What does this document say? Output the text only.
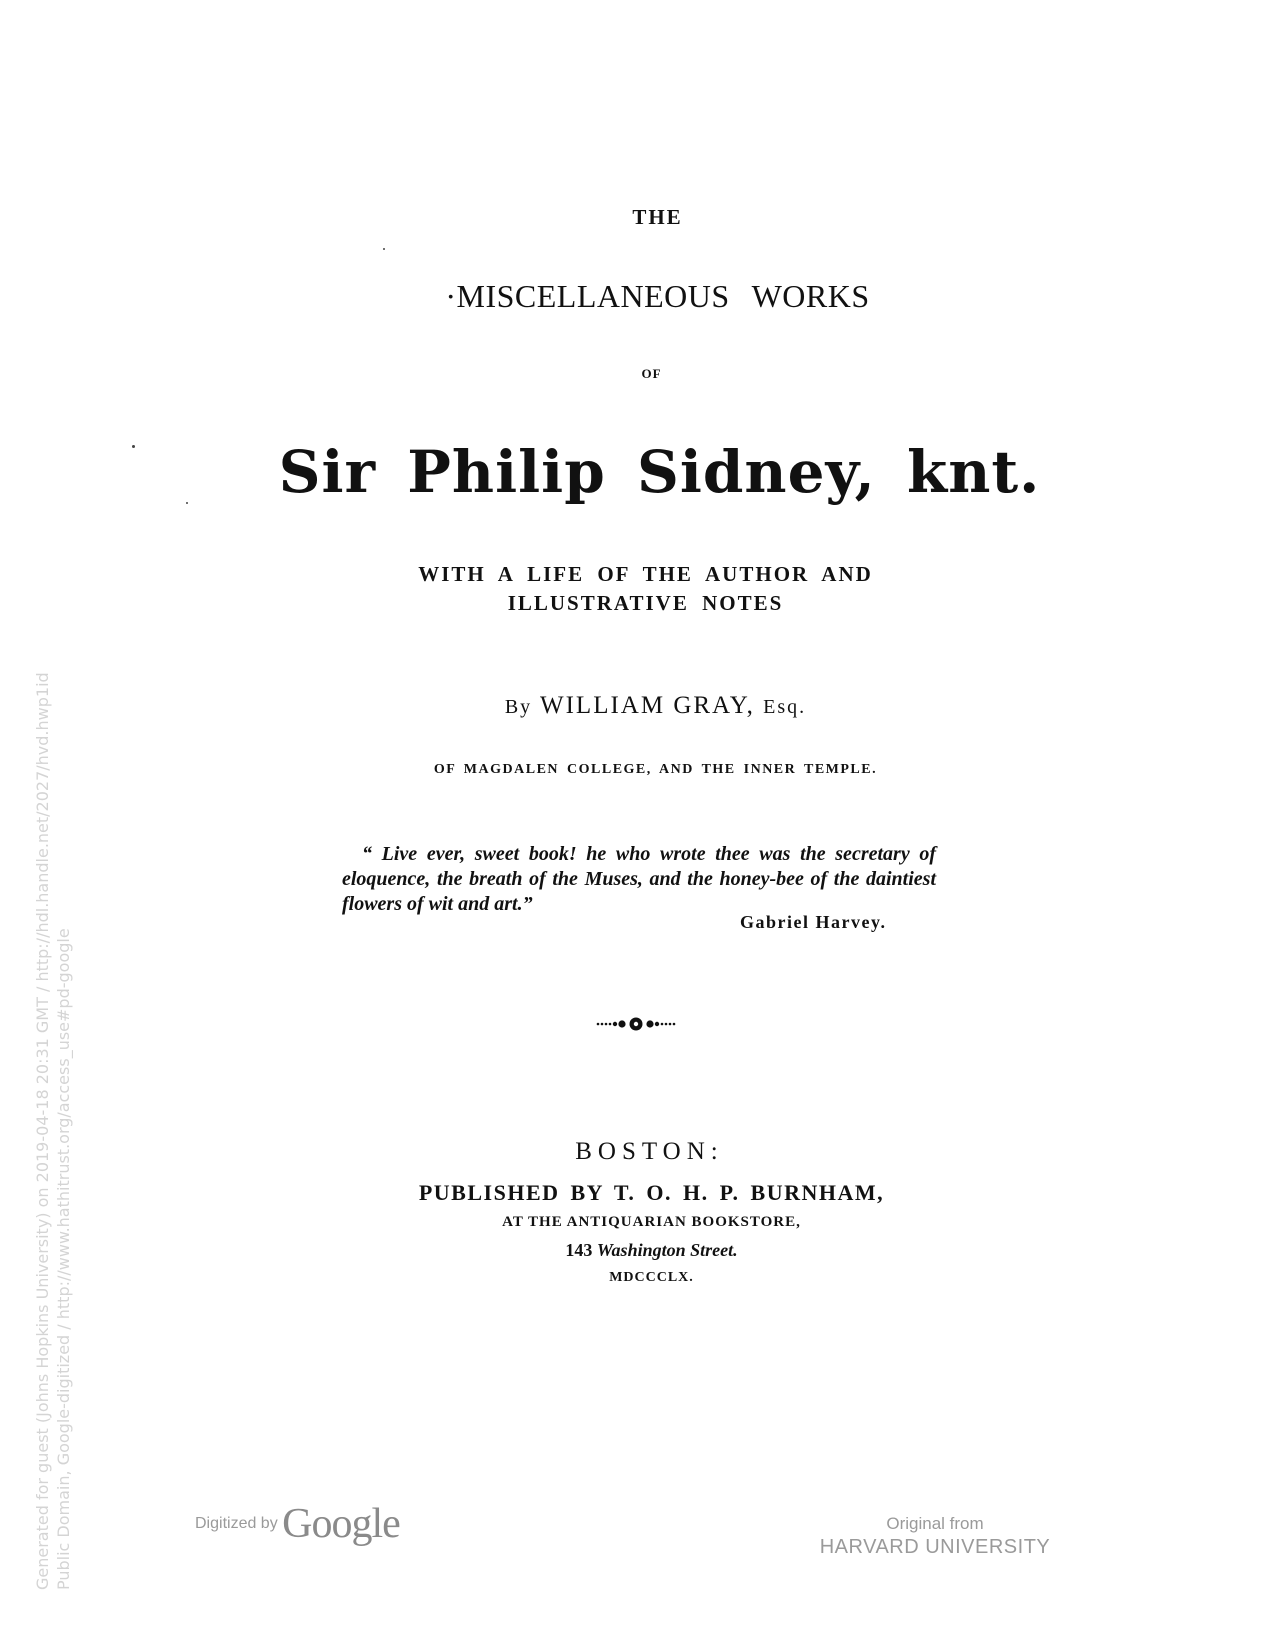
THE
·MISCELLANEOUS WORKS
OF
Sir Philip Sidney, knt.
WITH A LIFE OF THE AUTHOR AND
ILLUSTRATIVE NOTES
By WILLIAM GRAY, Esq.
OF MAGDALEN COLLEGE, AND THE INNER TEMPLE.
“ Live ever, sweet book! he who wrote thee was the secretary of eloquence, the breath of the Muses, and the honey-bee of the daintiest flowers of wit and art.”
Gabriel Harvey.
BOSTON:
PUBLISHED BY T. O. H. P. BURNHAM,
AT THE ANTIQUARIAN BOOKSTORE,
143 Washington Street.
MDCCCLX.
Generated for guest (Johns Hopkins University) on 2019-04-18 20:31 GMT / http://hdl.handle.net/2027/hvd.hwp1id Public Domain, Google-digitized / http://www.hathitrust.org/access_use#pd-google	Digitized by Google	Original from
HARVARD UNIVERSITY
